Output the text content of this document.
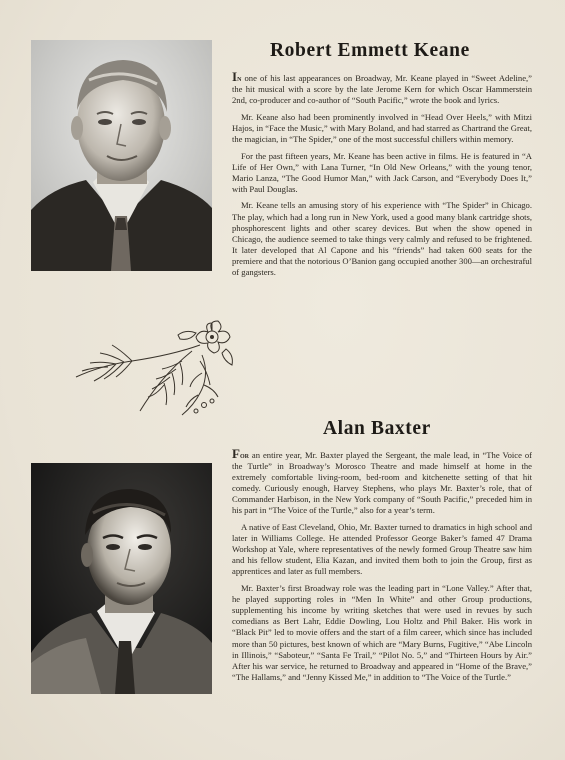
Robert Emmett Keane

In one of his last appearances on Broadway, Mr. Keane played in “Sweet Adeline,” the hit musical with a score by the late Jerome Kern for which Oscar Hammerstein 2nd, co-producer and co-author of “South Pacific,” wrote the book and lyrics.

Mr. Keane also had been prominently involved in “Head Over Heels,” with Mitzi Hajos, in “Face the Music,” with Mary Boland, and had starred as Chartrand the Great, the magician, in “The Spider,” one of the most successful chillers within memory.

For the past fifteen years, Mr. Keane has been active in films. He is featured in “A Life of Her Own,” with Lana Turner, “In Old New Orleans,” with the young tenor, Mario Lanza, “The Good Humor Man,” with Jack Carson, and “Everybody Does It,” with Paul Douglas.

Mr. Keane tells an amusing story of his experience with “The Spider” in Chicago. The play, which had a long run in New York, used a good many blank cartridge shots, phosphorescent lights and other scarey devices. But when the show opened in Chicago, the audience seemed to take things very calmly and refused to be frightened. It later developed that Al Capone and his “friends” had taken 600 seats for the premiere and that the notorious O’Banion gang occupied another 300—an orchestraful of gangsters.

Alan Baxter

For an entire year, Mr. Baxter played the Sergeant, the male lead, in “The Voice of the Turtle” in Broadway’s Morosco Theatre and made himself at home in the extremely comfortable living-room, bed-room and kitchenette setting of that hit comedy. Curiously enough, Harvey Stephens, who plays Mr. Baxter’s role, that of Commander Harbison, in the New York company of “South Pacific,” preceded him in his part in “The Voice of the Turtle,” also for a year’s term.

A native of East Cleveland, Ohio, Mr. Baxter turned to dramatics in high school and later in Williams College. He attended Professor George Baker’s famed 47 Drama Workshop at Yale, where representatives of the newly formed Group Theatre saw him and his fellow student, Elia Kazan, and invited them both to join the Group, first as apprentices and later as full members.

Mr. Baxter’s first Broadway role was the leading part in “Lone Valley.” After that, he played supporting roles in “Men In White” and other Group productions, supplementing his income by writing sketches that were used in revues by such comedians as Bert Lahr, Eddie Dowling, Lou Holtz and Phil Baker. His work in “Black Pit” led to movie offers and the start of a film career, which since has included more than 50 pictures, best known of which are “Mary Burns, Fugitive,” “Abe Lincoln in Illinois,” “Saboteur,” “Santa Fe Trail,” “Pilot No. 5,” and “Thirteen Hours by Air.” After his war service, he returned to Broadway and appeared in “Home of the Brave,” “The Hallams,” and “Jenny Kissed Me,” in addition to “The Voice of the Turtle.”
